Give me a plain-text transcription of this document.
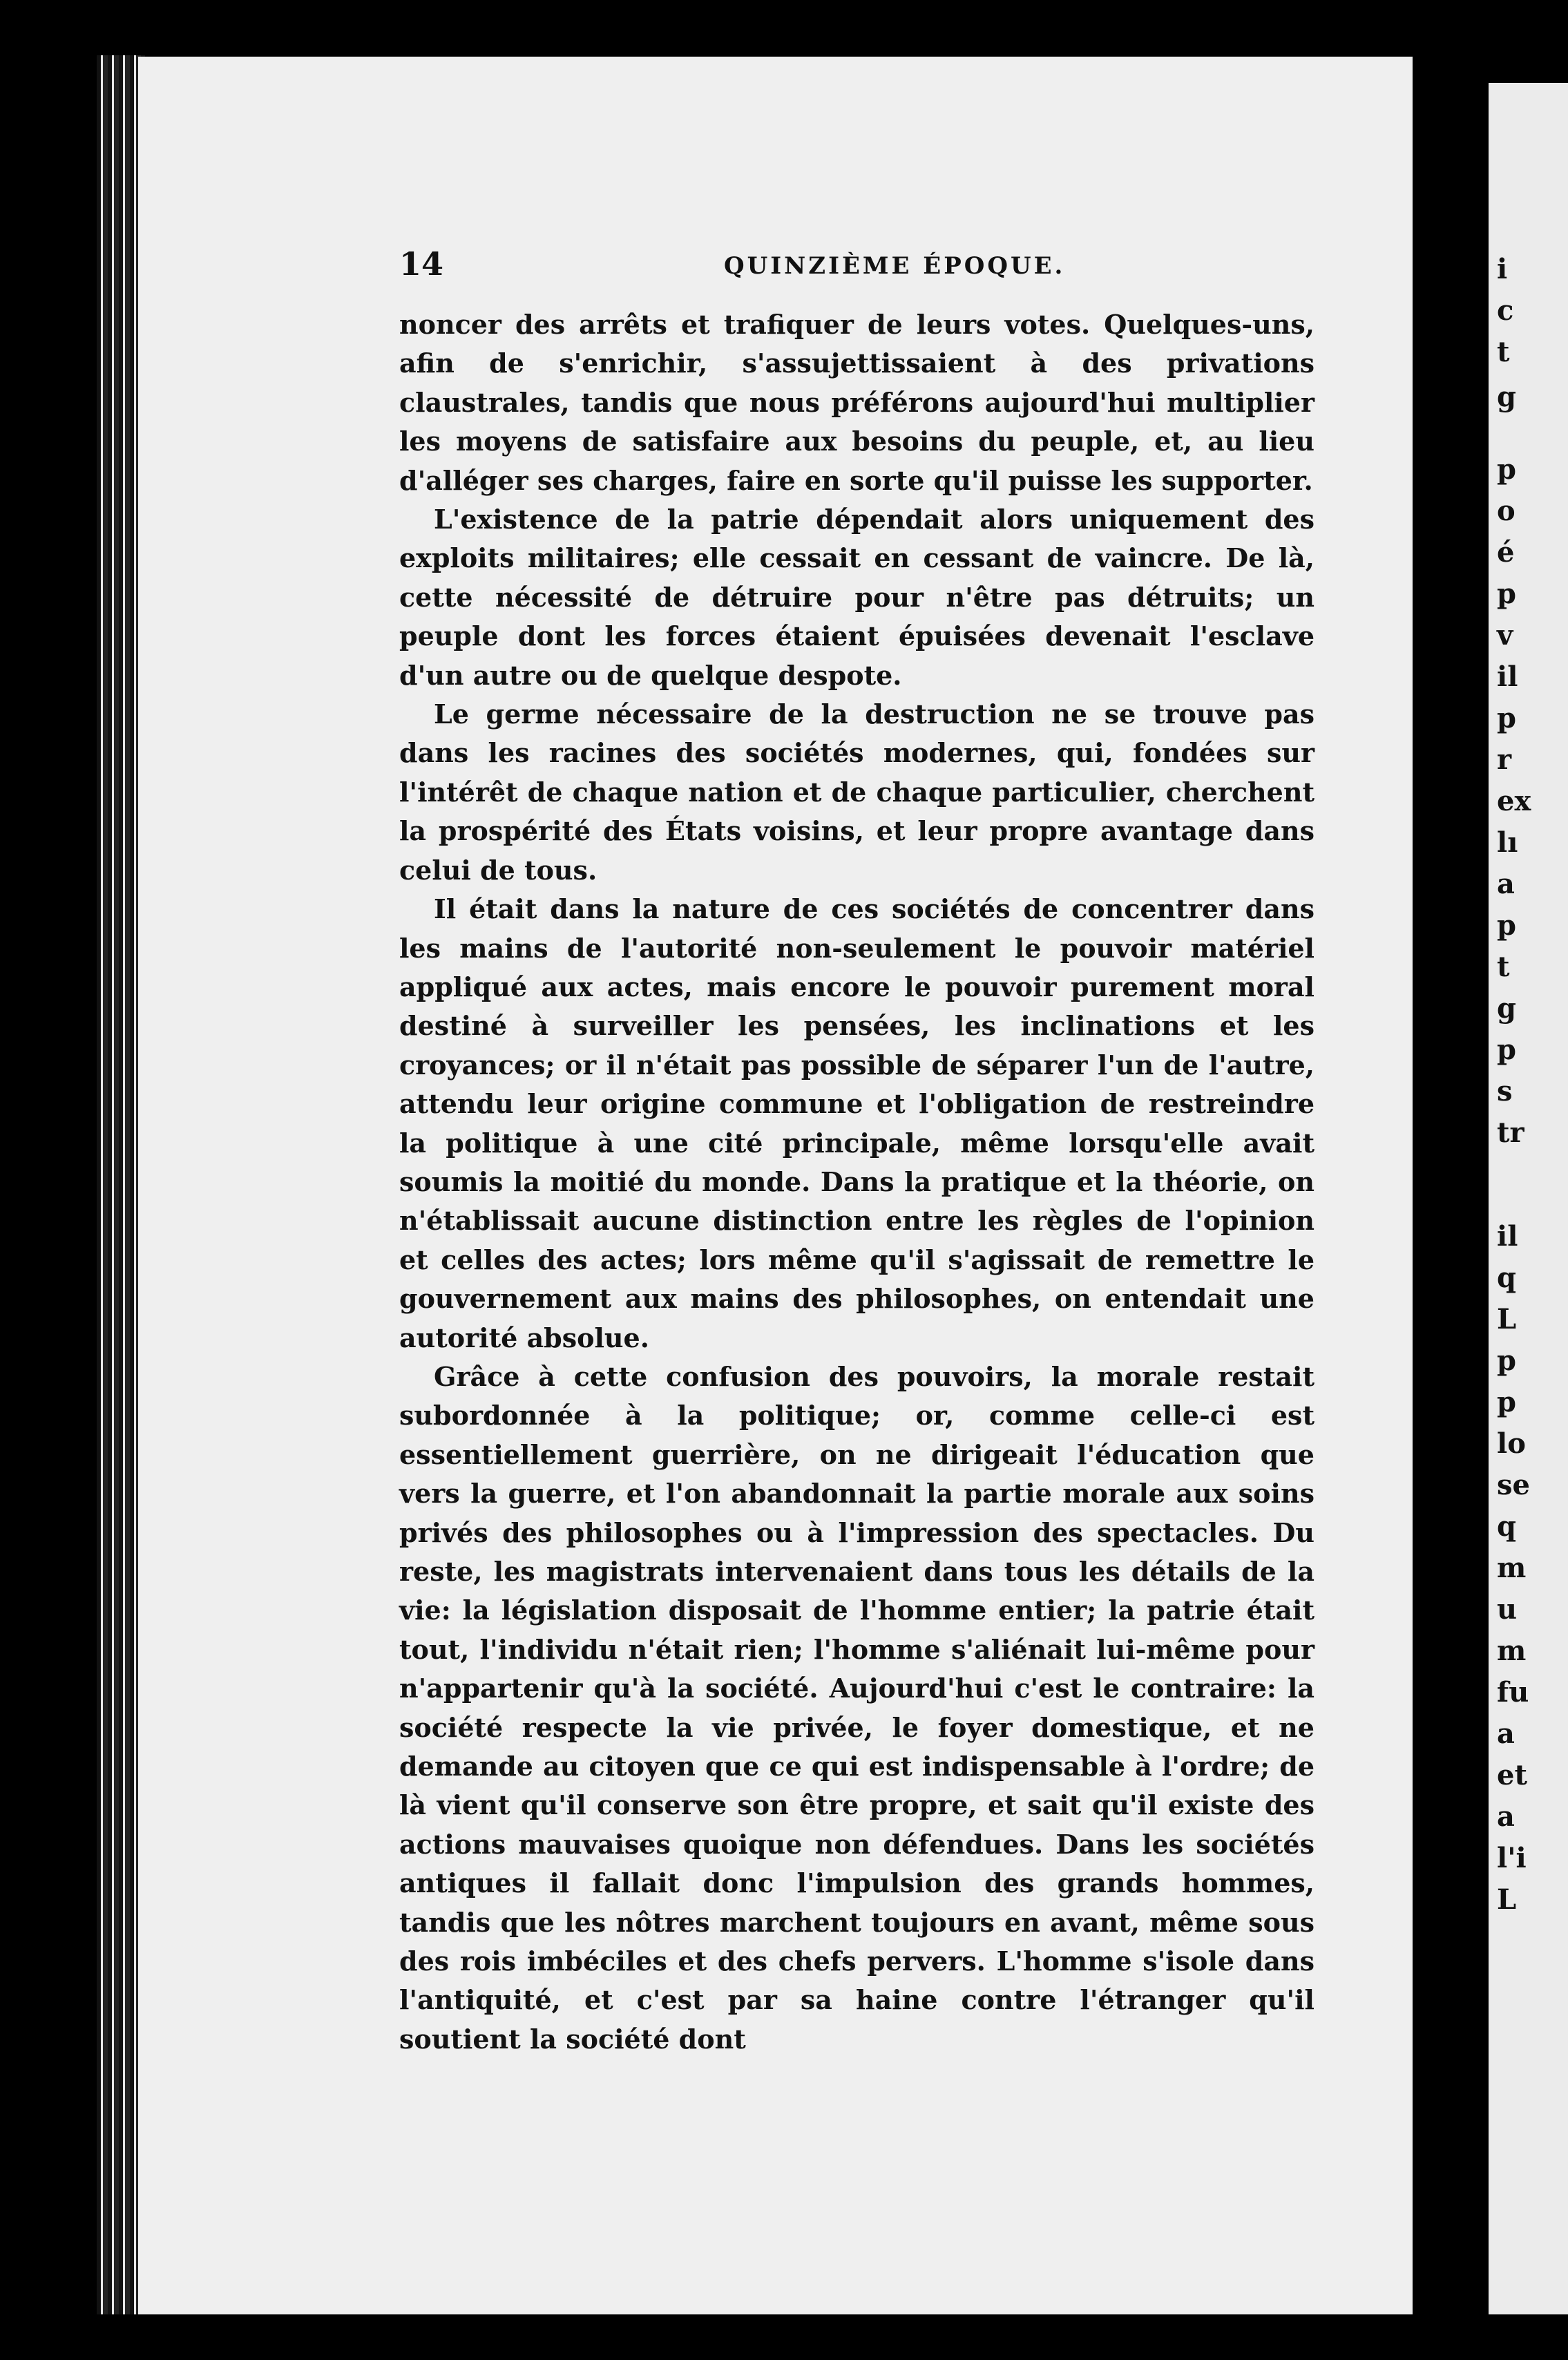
i
c
t
g
p
o
é
p
v
il
p
r
ex
lı
a
p
t
g
p
s
tr
il
q
L
p
p
lo
se
q
m
u
m
fu
a
et
a
l'i
L
14	QUINZIÈME ÉPOQUE.

noncer des arrêts et trafiquer de leurs votes. Quelques-uns, afin de s'enrichir, s'assujettissaient à des privations claustrales, tandis que nous préférons aujourd'hui multiplier les moyens de satisfaire aux besoins du peuple, et, au lieu d'alléger ses charges, faire en sorte qu'il puisse les supporter.

L'existence de la patrie dépendait alors uniquement des exploits militaires; elle cessait en cessant de vaincre. De là, cette nécessité de détruire pour n'être pas détruits; un peuple dont les forces étaient épuisées devenait l'esclave d'un autre ou de quelque despote.

Le germe nécessaire de la destruction ne se trouve pas dans les racines des sociétés modernes, qui, fondées sur l'intérêt de chaque nation et de chaque particulier, cherchent la prospérité des États voisins, et leur propre avantage dans celui de tous.

Il était dans la nature de ces sociétés de concentrer dans les mains de l'autorité non-seulement le pouvoir matériel appliqué aux actes, mais encore le pouvoir purement moral destiné à surveiller les pensées, les inclinations et les croyances; or il n'était pas possible de séparer l'un de l'autre, attendu leur origine commune et l'obligation de restreindre la politique à une cité principale, même lorsqu'elle avait soumis la moitié du monde. Dans la pratique et la théorie, on n'établissait aucune distinction entre les règles de l'opinion et celles des actes; lors même qu'il s'agissait de remettre le gouvernement aux mains des philosophes, on entendait une autorité absolue.

Grâce à cette confusion des pouvoirs, la morale restait subordonnée à la politique; or, comme celle-ci est essentiellement guerrière, on ne dirigeait l'éducation que vers la guerre, et l'on abandonnait la partie morale aux soins privés des philosophes ou à l'impression des spectacles. Du reste, les magistrats intervenaient dans tous les détails de la vie: la législation disposait de l'homme entier; la patrie était tout, l'individu n'était rien; l'homme s'aliénait lui-même pour n'appartenir qu'à la société. Aujourd'hui c'est le contraire: la société respecte la vie privée, le foyer domestique, et ne demande au citoyen que ce qui est indispensable à l'ordre; de là vient qu'il conserve son être propre, et sait qu'il existe des actions mauvaises quoique non défendues. Dans les sociétés antiques il fallait donc l'impulsion des grands hommes, tandis que les nôtres marchent toujours en avant, même sous des rois imbéciles et des chefs pervers. L'homme s'isole dans l'antiquité, et c'est par sa haine contre l'étranger qu'il soutient la société dont
